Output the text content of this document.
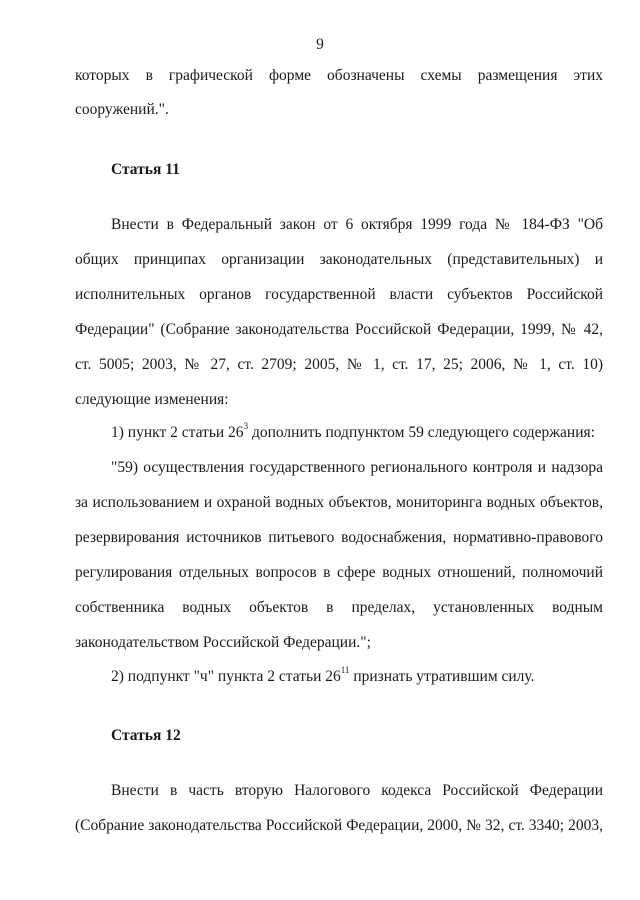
9
которых в графической форме обозначены схемы размещения этих
сооружений.".
Статья 11
Внести в Федеральный закон от 6 октября 1999 года № 184-ФЗ "Об
общих принципах организации законодательных (представительных) и
исполнительных органов государственной власти субъектов Российской
Федерации" (Собрание законодательства Российской Федерации, 1999, № 42,
ст. 5005; 2003, № 27, ст. 2709; 2005, № 1, ст. 17, 25; 2006, № 1, ст. 10)
следующие изменения:
1) пункт 2 статьи $26^3$ дополнить подпунктом 59 следующего содержания:
"59) осуществления государственного регионального контроля и надзора
за использованием и охраной водных объектов, мониторинга водных объектов,
резервирования источников питьевого водоснабжения, нормативно-правового
регулирования отдельных вопросов в сфере водных отношений, полномочий
собственника водных объектов в пределах, установленных водным
законодательством Российской Федерации.";
2) подпункт "ч" пункта 2 статьи $26^{11}$ признать утратившим силу.
Статья 12
Внести в часть вторую Налогового кодекса Российской Федерации
(Собрание законодательства Российской Федерации, 2000, № 32, ст. 3340; 2003,
